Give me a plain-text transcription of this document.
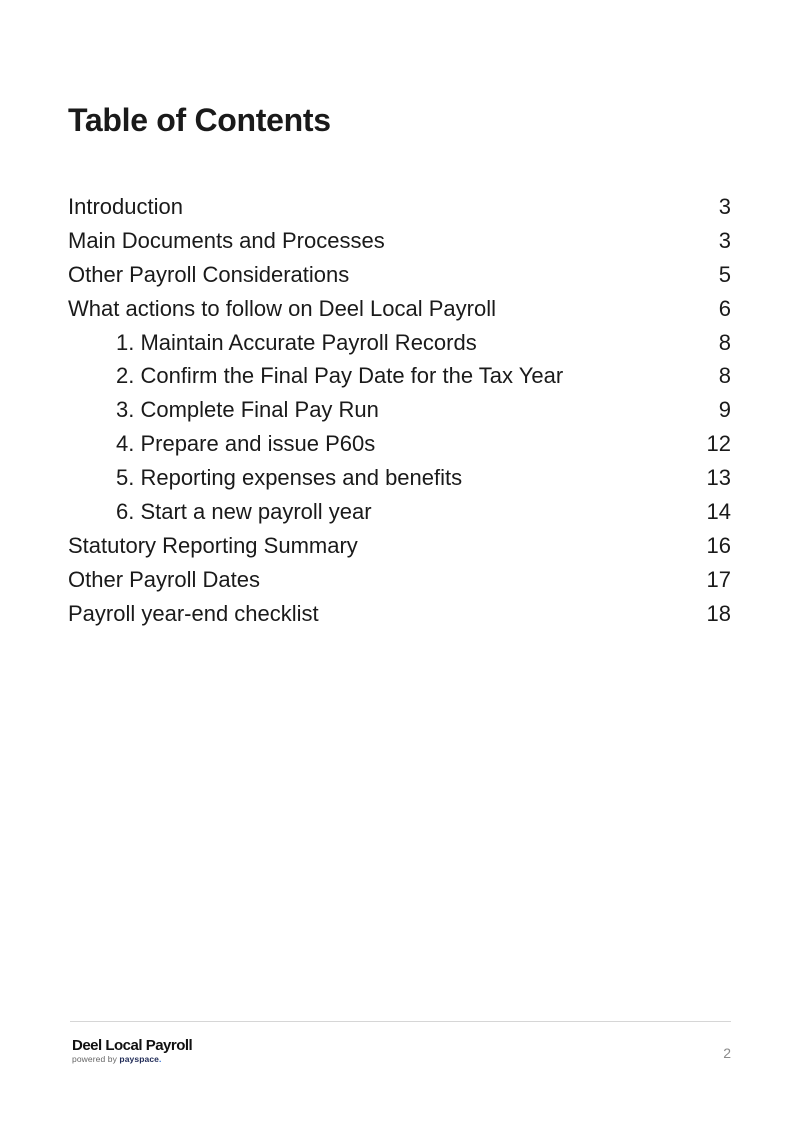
Table of Contents
Introduction	3
Main Documents and Processes	3
Other Payroll Considerations	5
What actions to follow on Deel Local Payroll	6
1. Maintain Accurate Payroll Records	8
2. Confirm the Final Pay Date for the Tax Year	8
3. Complete Final Pay Run	9
4. Prepare and issue P60s	12
5. Reporting expenses and benefits	13
6. Start a new payroll year	14
Statutory Reporting Summary	16
Other Payroll Dates	17
Payroll year-end checklist	18
Deel Local Payroll
powered by payspace.	2
